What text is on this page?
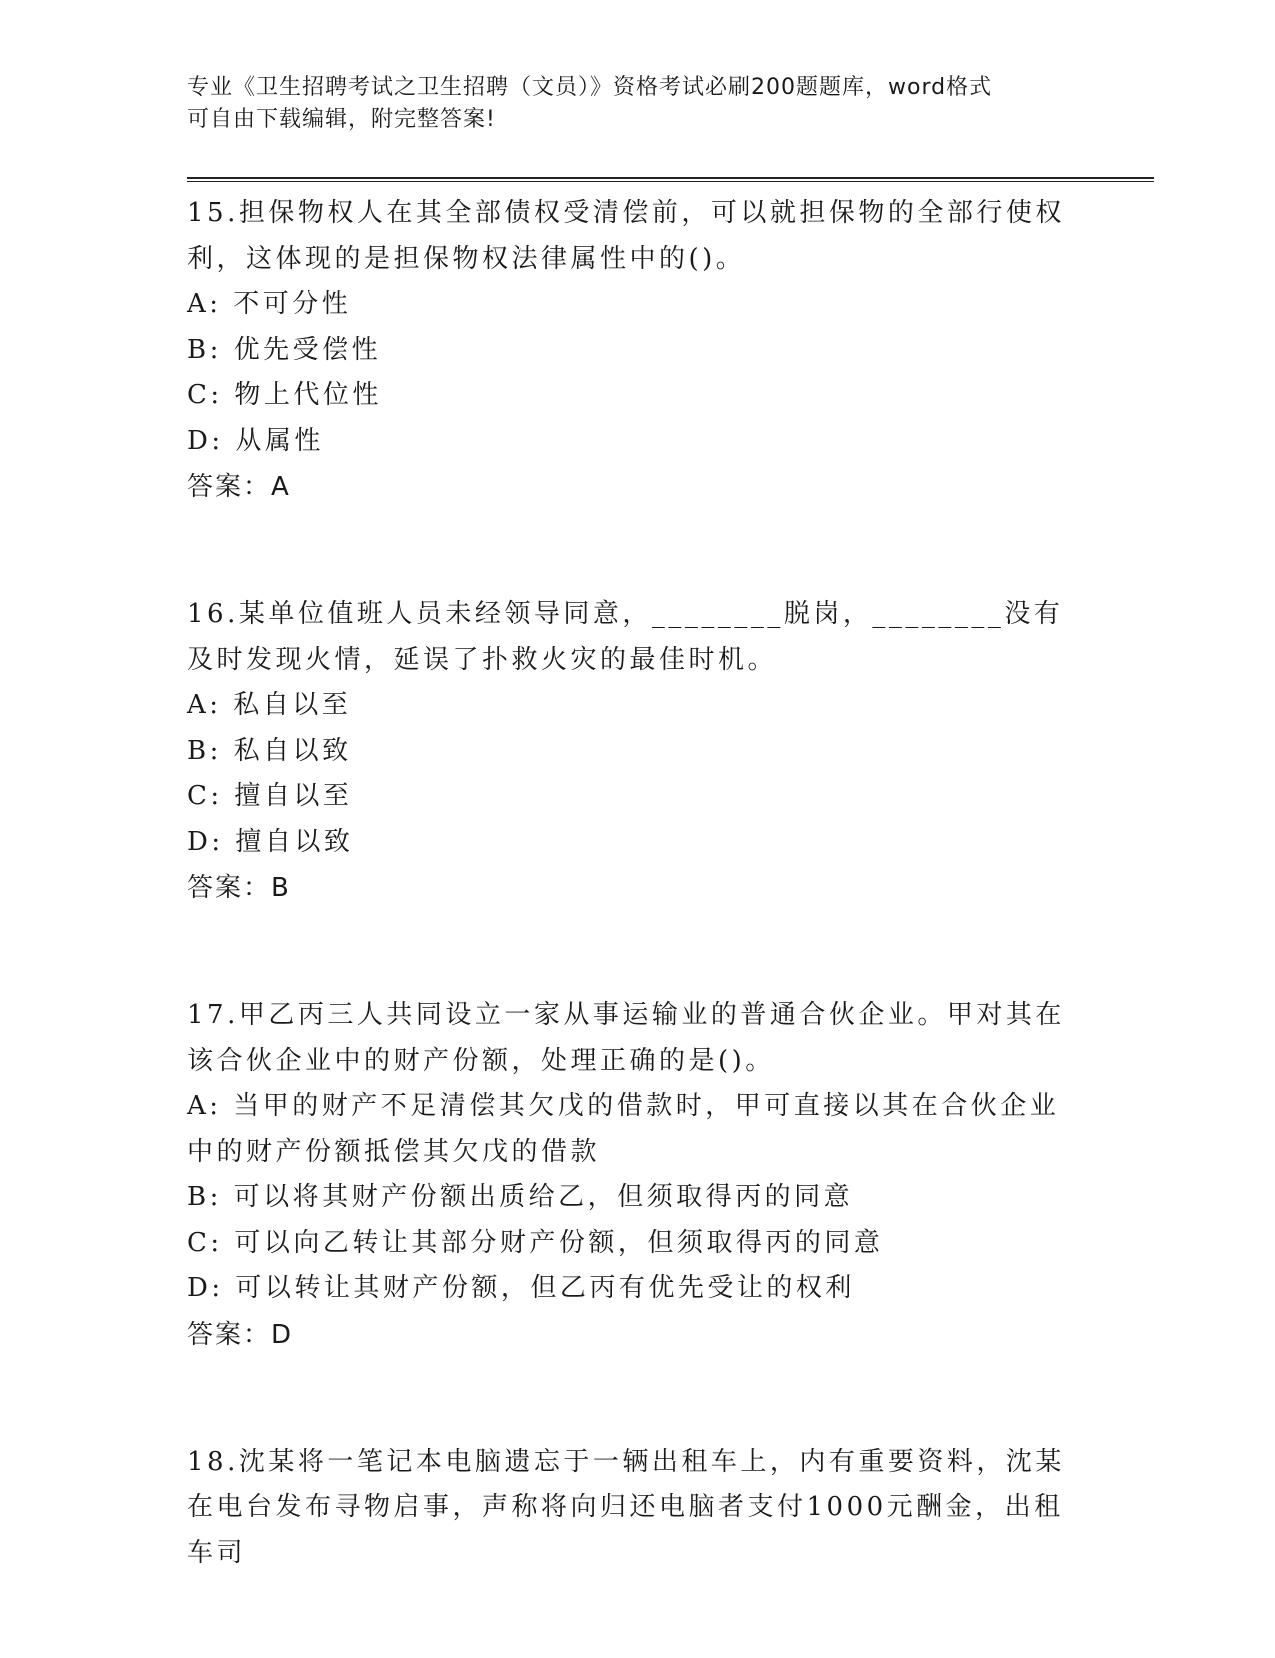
专业《卫生招聘考试之卫生招聘（文员）》资格考试必刷200题题库，word格式
可自由下载编辑，附完整答案!
15.担保物权人在其全部债权受清偿前，可以就担保物的全部行使权利，这体现的是担保物权法律属性中的()。
A: 不可分性
B: 优先受偿性
C: 物上代位性
D: 从属性
答案：A
16.某单位值班人员未经领导同意，________脱岗，________没有及时发现火情，延误了扑救火灾的最佳时机。
A: 私自以至
B: 私自以致
C: 擅自以至
D: 擅自以致
答案：B
17.甲乙丙三人共同设立一家从事运输业的普通合伙企业。甲对其在该合伙企业中的财产份额，处理正确的是()。
A: 当甲的财产不足清偿其欠戊的借款时，甲可直接以其在合伙企业中的财产份额抵偿其欠戊的借款
B: 可以将其财产份额出质给乙，但须取得丙的同意
C: 可以向乙转让其部分财产份额，但须取得丙的同意
D: 可以转让其财产份额，但乙丙有优先受让的权利
答案：D
18.沈某将一笔记本电脑遗忘于一辆出租车上，内有重要资料，沈某在电台发布寻物启事，声称将向归还电脑者支付1000元酬金，出租车司
